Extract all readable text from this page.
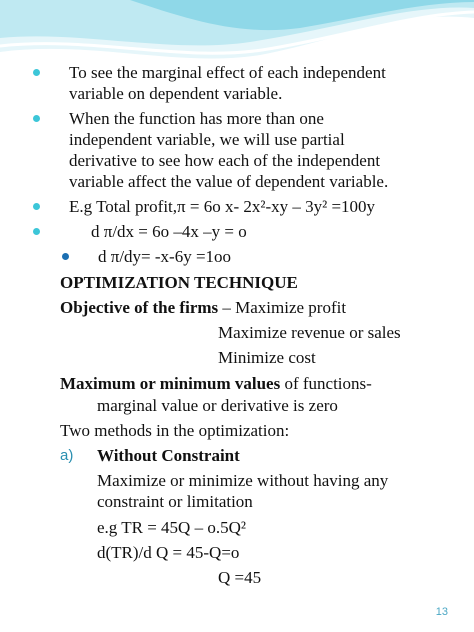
To see the marginal effect of each independent
variable on dependent variable.
When the function has more than one
independent variable, we will use partial
derivative to see how each of the independent
variable affect the value of dependent variable.
E.g Total profit,π = 6o x- 2x²-xy – 3y² =100y
d π/dx = 6o –4x –y = o
d π/dy= -x-6y =1oo
OPTIMIZATION TECHNIQUE
Objective of the firms – Maximize profit
Maximize revenue or sales
Minimize cost
Maximum or minimum values of functions-
marginal value or derivative is zero
Two methods in the optimization:
a) Without Constraint
Maximize or minimize without having any
constraint or limitation
e.g TR = 45Q – o.5Q²
d(TR)/d Q = 45-Q=o
Q =45
13
